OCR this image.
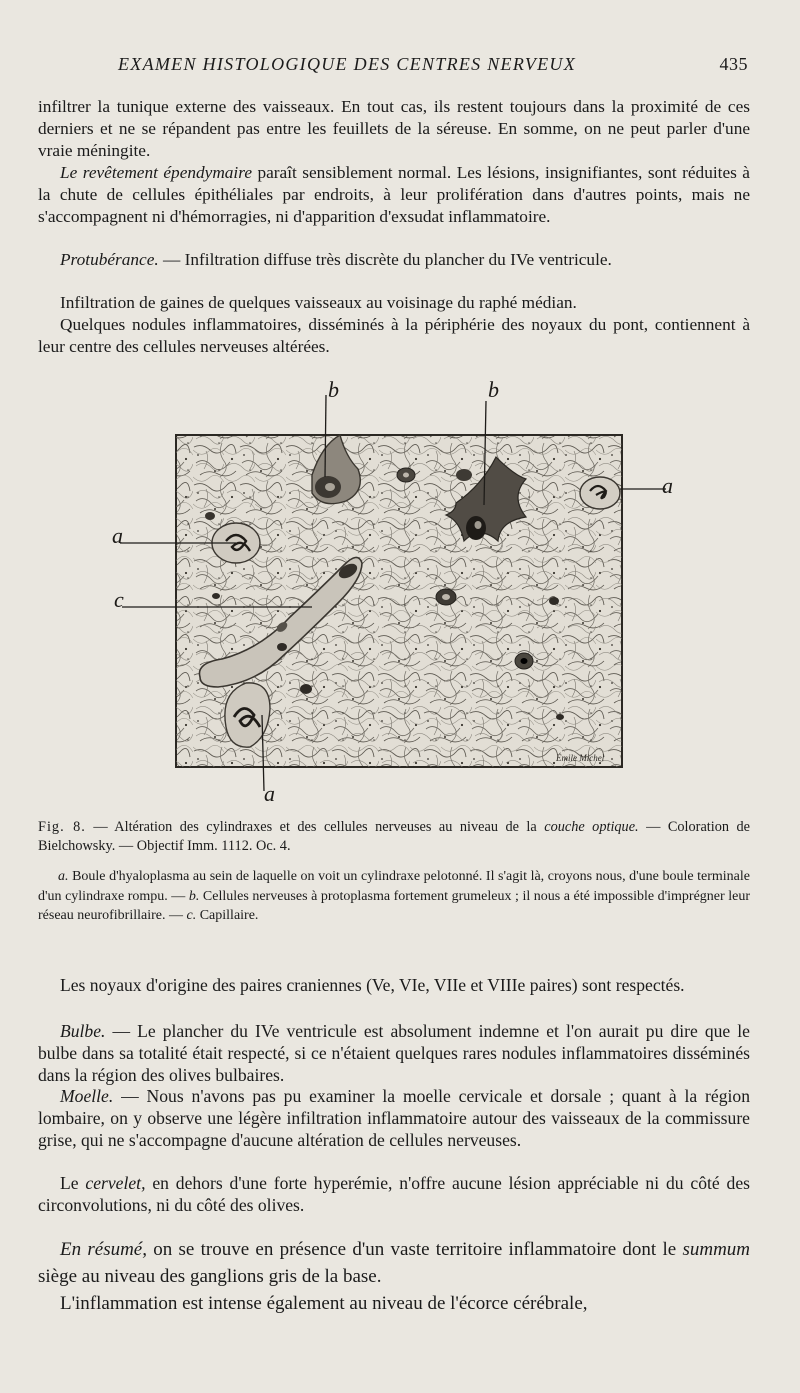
EXAMEN HISTOLOGIQUE DES CENTRES NERVEUX	435

infiltrer la tunique externe des vaisseaux. En tout cas, ils restent toujours dans la proximité de ces derniers et ne se répandent pas entre les feuillets de la séreuse. En somme, on ne peut parler d'une vraie méningite.

Le revêtement épendymaire paraît sensiblement normal. Les lésions, insignifiantes, sont réduites à la chute de cellules épithéliales par endroits, à leur prolifération dans d'autres points, mais ne s'accompagnent ni d'hémorragies, ni d'apparition d'exsudat inflammatoire.

Protubérance. — Infiltration diffuse très discrète du plancher du IVe ventricule.

Infiltration de gaines de quelques vaisseaux au voisinage du raphé médian.

Quelques nodules inflammatoires, disséminés à la périphérie des noyaux du pont, contiennent à leur centre des cellules nerveuses altérées.

b	b
a
a
c
a
Émile Michel

Fig. 8. — Altération des cylindraxes et des cellules nerveuses au niveau de la couche optique. — Coloration de Bielchowsky. — Objectif Imm. 1112. Oc. 4.

a. Boule d'hyaloplasma au sein de laquelle on voit un cylindraxe pelotonné. Il s'agit là, croyons nous, d'une boule terminale d'un cylindraxe rompu. — b. Cellules nerveuses à protoplasma fortement grumeleux ; il nous a été impossible d'imprégner leur réseau neurofibrillaire. — c. Capillaire.

Les noyaux d'origine des paires craniennes (Ve, VIe, VIIe et VIIIe paires) sont respectés.

Bulbe. — Le plancher du IVe ventricule est absolument indemne et l'on aurait pu dire que le bulbe dans sa totalité était respecté, si ce n'étaient quelques rares nodules inflammatoires disséminés dans la région des olives bulbaires.

Moelle. — Nous n'avons pas pu examiner la moelle cervicale et dorsale ; quant à la région lombaire, on y observe une légère infiltration inflammatoire autour des vaisseaux de la commissure grise, qui ne s'accompagne d'aucune altération de cellules nerveuses.

Le cervelet, en dehors d'une forte hyperémie, n'offre aucune lésion appréciable ni du côté des circonvolutions, ni du côté des olives.

En résumé, on se trouve en présence d'un vaste territoire inflammatoire dont le summum siège au niveau des ganglions gris de la base.

L'inflammation est intense également au niveau de l'écorce cérébrale,
